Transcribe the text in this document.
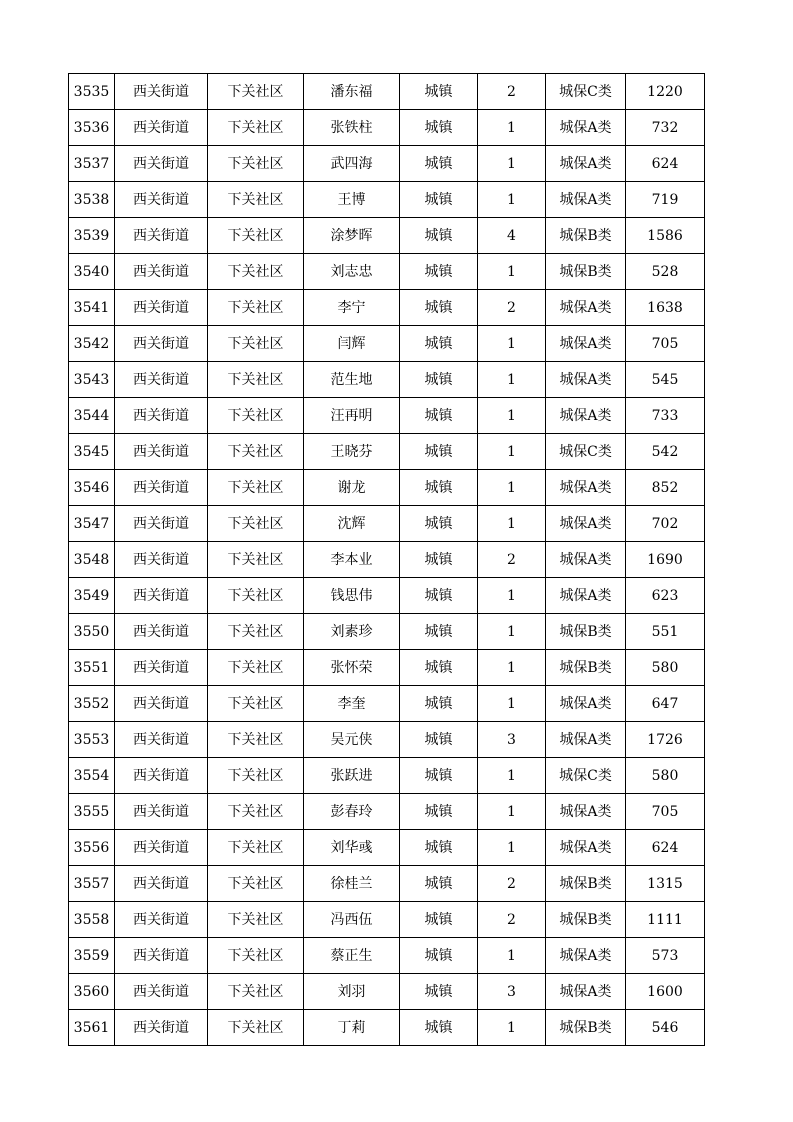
3535	西关街道	下关社区	潘东福	城镇	2	城保C类	1220
3536	西关街道	下关社区	张铁柱	城镇	1	城保A类	732
3537	西关街道	下关社区	武四海	城镇	1	城保A类	624
3538	西关街道	下关社区	王博	城镇	1	城保A类	719
3539	西关街道	下关社区	涂梦晖	城镇	4	城保B类	1586
3540	西关街道	下关社区	刘志忠	城镇	1	城保B类	528
3541	西关街道	下关社区	李宁	城镇	2	城保A类	1638
3542	西关街道	下关社区	闫辉	城镇	1	城保A类	705
3543	西关街道	下关社区	范生地	城镇	1	城保A类	545
3544	西关街道	下关社区	汪再明	城镇	1	城保A类	733
3545	西关街道	下关社区	王晓芬	城镇	1	城保C类	542
3546	西关街道	下关社区	谢龙	城镇	1	城保A类	852
3547	西关街道	下关社区	沈辉	城镇	1	城保A类	702
3548	西关街道	下关社区	李本业	城镇	2	城保A类	1690
3549	西关街道	下关社区	钱思伟	城镇	1	城保A类	623
3550	西关街道	下关社区	刘素珍	城镇	1	城保B类	551
3551	西关街道	下关社区	张怀荣	城镇	1	城保B类	580
3552	西关街道	下关社区	李奎	城镇	1	城保A类	647
3553	西关街道	下关社区	吴元侠	城镇	3	城保A类	1726
3554	西关街道	下关社区	张跃进	城镇	1	城保C类	580
3555	西关街道	下关社区	彭春玲	城镇	1	城保A类	705
3556	西关街道	下关社区	刘华彧	城镇	1	城保A类	624
3557	西关街道	下关社区	徐桂兰	城镇	2	城保B类	1315
3558	西关街道	下关社区	冯西伍	城镇	2	城保B类	1111
3559	西关街道	下关社区	蔡正生	城镇	1	城保A类	573
3560	西关街道	下关社区	刘羽	城镇	3	城保A类	1600
3561	西关街道	下关社区	丁莉	城镇	1	城保B类	546
